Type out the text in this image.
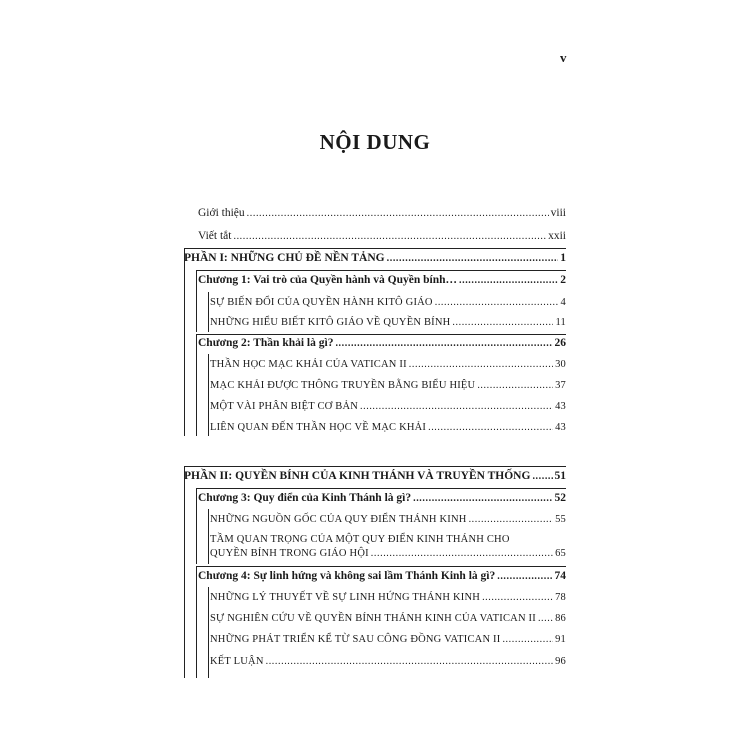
v
NỘI DUNG
Giới thiệu .....	viii
Viết tắt .....	xxii
PHẦN I: NHỮNG CHỦ ĐỀ NỀN TẢNG .....	1
Chương 1: Vai trò của Quyền hành và Quyền bính… .....	2
SỰ BIẾN ĐỔI CỦA QUYỀN HÀNH KITÔ GIÁO .....	4
NHỮNG HIỂU BIẾT KITÔ GIÁO VỀ QUYỀN BÍNH .....	11
Chương 2: Thần khải là gì? .....	26
THẦN HỌC MẠC KHẢI CỦA VATICAN II .....	30
MẠC KHẢI ĐƯỢC THÔNG TRUYỀN BẰNG BIỂU HIỆU .....	37
MỘT VÀI PHÂN BIỆT CƠ BẢN .....	43
LIÊN QUAN ĐẾN THẦN HỌC VỀ MẠC KHẢI .....	43
PHẦN II: QUYỀN BÍNH CỦA KINH THÁNH VÀ TRUYỀN THỐNG ..... 51
Chương 3: Quy điển của Kinh Thánh là gì? .....	52
NHỮNG NGUỒN GỐC CỦA QUY ĐIỂN THÁNH KINH .....	55
TẦM QUAN TRỌNG CỦA MỘT QUY ĐIỂN KINH THÁNH CHO
QUYỀN BÍNH TRONG GIÁO HỘI .....	65
Chương 4: Sự linh hứng và không sai lầm Thánh Kinh là gì? .....	74
NHỮNG LÝ THUYẾT VỀ SỰ LINH HỨNG THÁNH KINH .....	78
SỰ NGHIÊN CỨU VỀ QUYỀN BÍNH THÁNH KINH CỦA VATICAN II ..... 86
NHỮNG PHÁT TRIỂN KỂ TỪ SAU CÔNG ĐỒNG VATICAN II .....	91
KẾT LUẬN .....	96
